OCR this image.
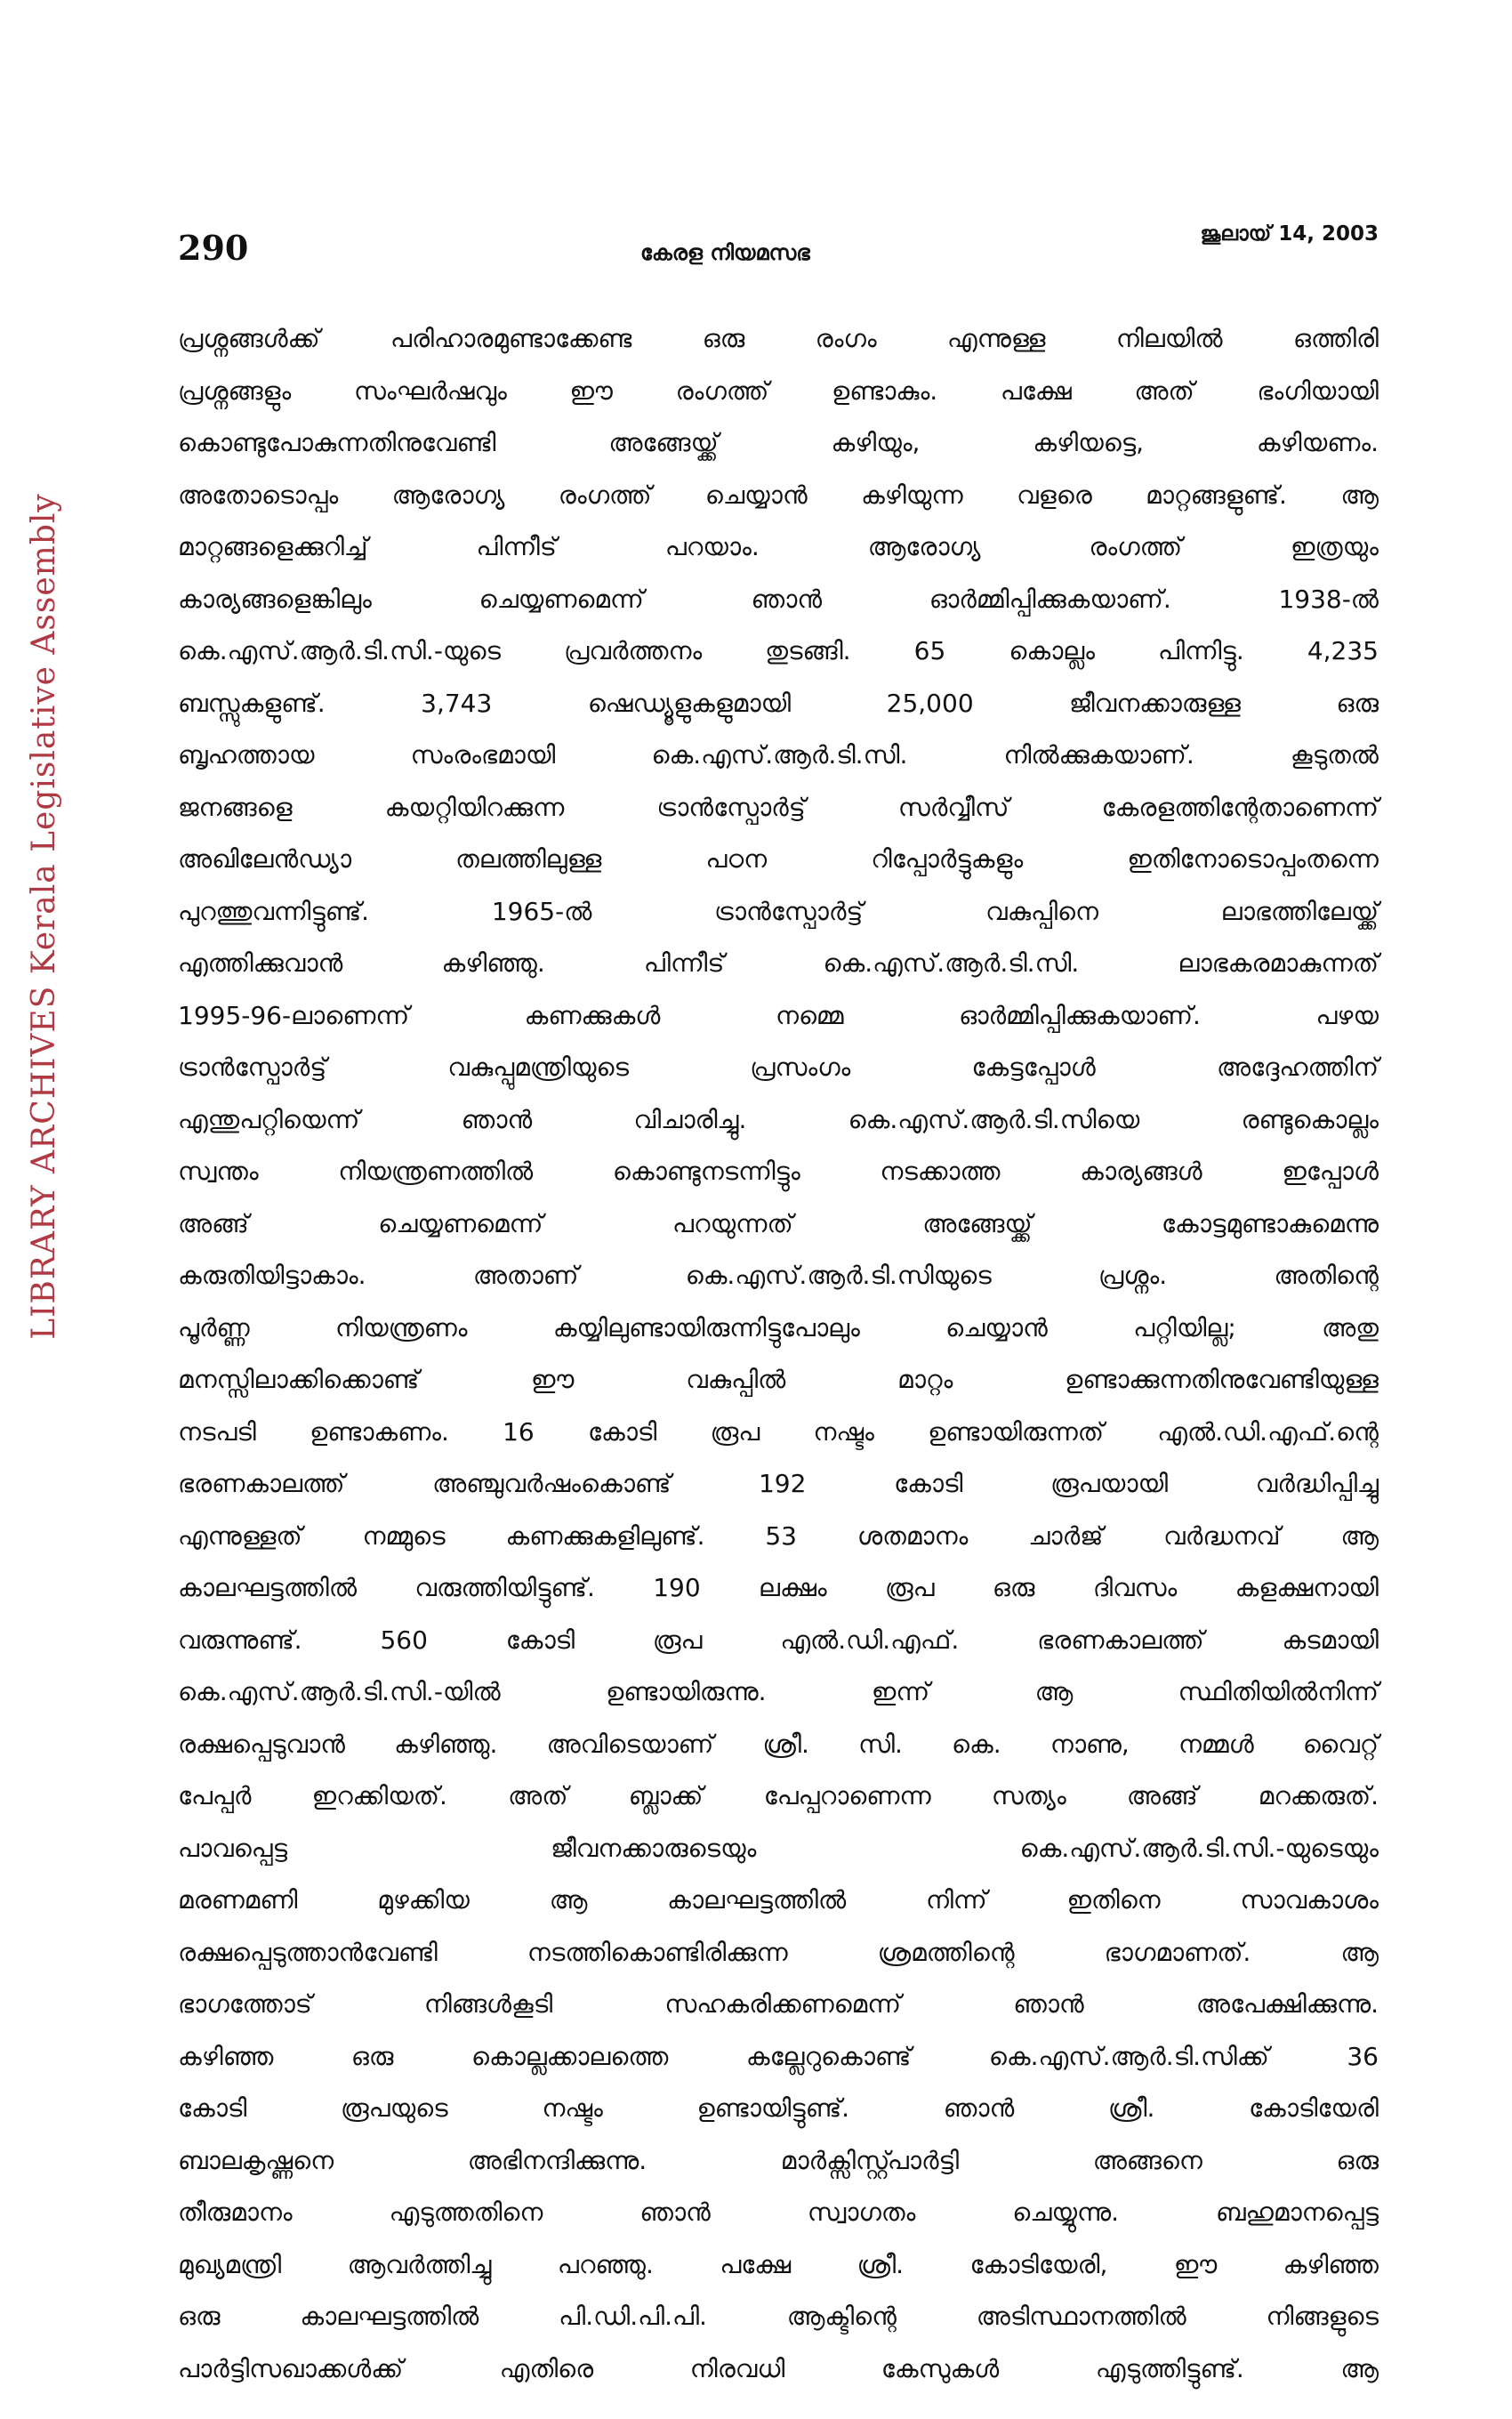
LIBRARY ARCHIVES Kerala Legislative Assembly
290	കേരള നിയമസഭ
ജൂലായ് 14, 2003
പ്രശ്നങ്ങൾക്ക് പരിഹാരമുണ്ടാക്കേണ്ട ഒരു രംഗം എന്നുള്ള നിലയിൽ ഒത്തിരി
പ്രശ്നങ്ങളും സംഘർഷവും ഈ രംഗത്ത് ഉണ്ടാകും. പക്ഷേ അത് ഭംഗിയായി
കൊണ്ടുപോകുന്നതിനുവേണ്ടി അങ്ങേയ്ക്ക് കഴിയും, കഴിയട്ടെ, കഴിയണം.
അതോടൊപ്പം ആരോഗ്യ രംഗത്ത് ചെയ്യാൻ കഴിയുന്ന വളരെ മാറ്റങ്ങളുണ്ട്. ആ
മാറ്റങ്ങളെക്കുറിച്ച് പിന്നീട് പറയാം. ആരോഗ്യ രംഗത്ത് ഇത്രയും
കാര്യങ്ങളെങ്കിലും ചെയ്യണമെന്ന് ഞാൻ ഓർമ്മിപ്പിക്കുകയാണ്. 1938-ൽ
കെ.എസ്.ആർ.ടി.സി.-യുടെ പ്രവർത്തനം തുടങ്ങി. 65 കൊല്ലം പിന്നിട്ടു. 4,235
ബസ്സുകളുണ്ട്. 3,743 ഷെഡ്യൂളുകളുമായി 25,000 ജീവനക്കാരുള്ള ഒരു
ബൃഹത്തായ സംരംഭമായി കെ.എസ്.ആർ.ടി.സി. നിൽക്കുകയാണ്. കൂടുതൽ
ജനങ്ങളെ കയറ്റിയിറക്കുന്ന ട്രാൻസ്പോർട്ട് സർവ്വീസ് കേരളത്തിന്റേതാണെന്ന്
അഖിലേൻഡ്യാ തലത്തിലുള്ള പഠന റിപ്പോർട്ടുകളും ഇതിനോടൊപ്പംതന്നെ
പുറത്തുവന്നിട്ടുണ്ട്. 1965-ൽ ട്രാൻസ്പോർട്ട് വകുപ്പിനെ ലാഭത്തിലേയ്ക്ക്
എത്തിക്കുവാൻ കഴിഞ്ഞു. പിന്നീട് കെ.എസ്.ആർ.ടി.സി. ലാഭകരമാകുന്നത്
1995-96-ലാണെന്ന് കണക്കുകൾ നമ്മെ ഓർമ്മിപ്പിക്കുകയാണ്. പഴയ
ട്രാൻസ്പോർട്ട് വകുപ്പുമന്ത്രിയുടെ പ്രസംഗം കേട്ടപ്പോൾ അദ്ദേഹത്തിന്
എന്തുപറ്റിയെന്ന് ഞാൻ വിചാരിച്ചു. കെ.എസ്.ആർ.ടി.സിയെ രണ്ടുകൊല്ലം
സ്വന്തം നിയന്ത്രണത്തിൽ കൊണ്ടുനടന്നിട്ടും നടക്കാത്ത കാര്യങ്ങൾ ഇപ്പോൾ
അങ്ങ് ചെയ്യണമെന്ന് പറയുന്നത് അങ്ങേയ്ക്ക് കോട്ടമുണ്ടാകുമെന്നു
കരുതിയിട്ടാകാം. അതാണ് കെ.എസ്.ആർ.ടി.സിയുടെ പ്രശ്നം. അതിന്റെ
പൂർണ്ണ നിയന്ത്രണം കയ്യിലുണ്ടായിരുന്നിട്ടുപോലും ചെയ്യാൻ പറ്റിയില്ല; അതു
മനസ്സിലാക്കിക്കൊണ്ട് ഈ വകുപ്പിൽ മാറ്റം ഉണ്ടാക്കുന്നതിനുവേണ്ടിയുള്ള
നടപടി ഉണ്ടാകണം. 16 കോടി രൂപ നഷ്ടം ഉണ്ടായിരുന്നത് എൽ.ഡി.എഫ്.ന്റെ
ഭരണകാലത്ത് അഞ്ചുവർഷംകൊണ്ട് 192 കോടി രൂപയായി വർദ്ധിപ്പിച്ചു
എന്നുള്ളത് നമ്മുടെ കണക്കുകളിലുണ്ട്. 53 ശതമാനം ചാർജ് വർദ്ധനവ് ആ
കാലഘട്ടത്തിൽ വരുത്തിയിട്ടുണ്ട്. 190 ലക്ഷം രൂപ ഒരു ദിവസം കളക്ഷനായി
വരുന്നുണ്ട്. 560 കോടി രൂപ എൽ.ഡി.എഫ്. ഭരണകാലത്ത് കടമായി
കെ.എസ്.ആർ.ടി.സി.-യിൽ ഉണ്ടായിരുന്നു. ഇന്ന് ആ സ്ഥിതിയിൽനിന്ന്
രക്ഷപ്പെടുവാൻ കഴിഞ്ഞു. അവിടെയാണ് ശ്രീ. സി. കെ. നാണു, നമ്മൾ വൈറ്റ്
പേപ്പർ ഇറക്കിയത്. അത് ബ്ലാക്ക് പേപ്പറാണെന്ന സത്യം അങ്ങ് മറക്കരുത്.
പാവപ്പെട്ട ജീവനക്കാരുടെയും കെ.എസ്.ആർ.ടി.സി.-യുടെയും
മരണമണി മുഴക്കിയ ആ കാലഘട്ടത്തിൽ നിന്ന് ഇതിനെ സാവകാശം
രക്ഷപ്പെടുത്താൻവേണ്ടി നടത്തികൊണ്ടിരിക്കുന്ന ശ്രമത്തിന്റെ ഭാഗമാണത്. ആ
ഭാഗത്തോട് നിങ്ങൾകൂടി സഹകരിക്കണമെന്ന് ഞാൻ അപേക്ഷിക്കുന്നു.
കഴിഞ്ഞ ഒരു കൊല്ലക്കാലത്തെ കല്ലേറുകൊണ്ട് കെ.എസ്.ആർ.ടി.സിക്ക് 36
കോടി രൂപയുടെ നഷ്ടം ഉണ്ടായിട്ടുണ്ട്. ഞാൻ ശ്രീ. കോടിയേരി
ബാലകൃഷ്ണനെ അഭിനന്ദിക്കുന്നു. മാർക്സിസ്റ്റ്പാർട്ടി അങ്ങനെ ഒരു
തീരുമാനം എടുത്തതിനെ ഞാൻ സ്വാഗതം ചെയ്യുന്നു. ബഹുമാനപ്പെട്ട
മുഖ്യമന്ത്രി ആവർത്തിച്ചു പറഞ്ഞു. പക്ഷേ ശ്രീ. കോടിയേരി, ഈ കഴിഞ്ഞ
ഒരു കാലഘട്ടത്തിൽ പി.ഡി.പി.പി. ആക്ടിന്റെ അടിസ്ഥാനത്തിൽ നിങ്ങളുടെ
പാർട്ടിസഖാക്കൾക്ക് എതിരെ നിരവധി കേസുകൾ എടുത്തിട്ടുണ്ട്. ആ
